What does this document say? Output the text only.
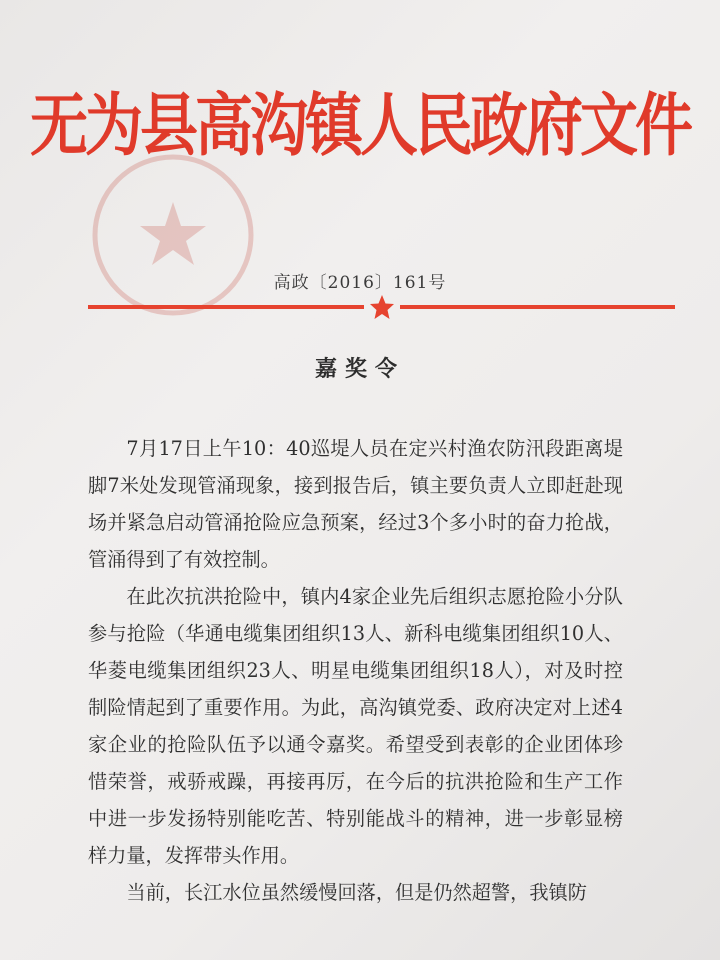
无为县高沟镇人民政府文件
高政〔2016〕161号
嘉奖令

7月17日上午10：40巡堤人员在定兴村渔农防汛段距离堤脚7米处发现管涌现象，接到报告后，镇主要负责人立即赶赴现场并紧急启动管涌抢险应急预案，经过3个多小时的奋力抢战，管涌得到了有效控制。

在此次抗洪抢险中，镇内4家企业先后组织志愿抢险小分队参与抢险（华通电缆集团组织13人、新科电缆集团组织10人、华菱电缆集团组织23人、明星电缆集团组织18人），对及时控制险情起到了重要作用。为此，高沟镇党委、政府决定对上述4家企业的抢险队伍予以通令嘉奖。希望受到表彰的企业团体珍惜荣誉，戒骄戒躁，再接再厉，在今后的抗洪抢险和生产工作中进一步发扬特别能吃苦、特别能战斗的精神，进一步彰显榜样力量，发挥带头作用。

当前，长江水位虽然缓慢回落，但是仍然超警，我镇防
